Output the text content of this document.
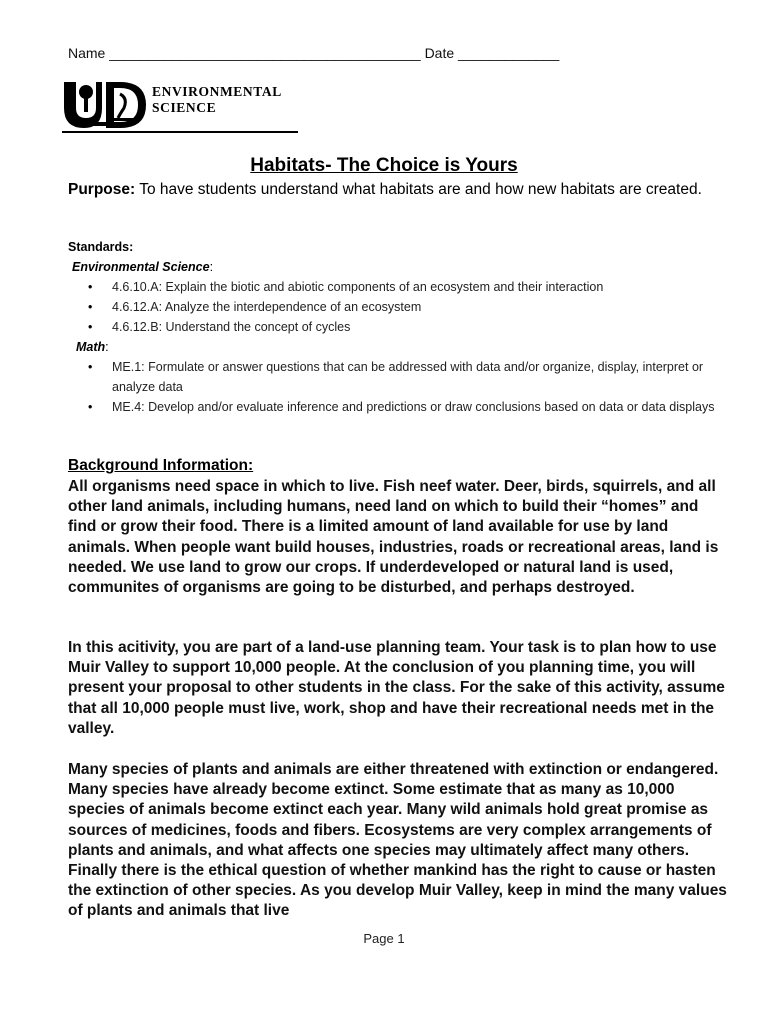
Name ________________________________________ Date _____________
ENVIRONMENTAL
SCIENCE
Habitats- The Choice is Yours
Purpose: To have students understand what habitats are and how new habitats are created.
Standards:
Environmental Science:
• 4.6.10.A: Explain the biotic and abiotic components of an ecosystem and their interaction
• 4.6.12.A: Analyze the interdependence of an ecosystem
• 4.6.12.B: Understand the concept of cycles
Math:
• ME.1: Formulate or answer questions that can be addressed with data and/or organize, display, interpret or analyze data
• ME.4: Develop and/or evaluate inference and predictions or draw conclusions based on data or data displays
Background Information:

All organisms need space in which to live. Fish neef water. Deer, birds, squirrels, and all other land animals, including humans, need land on which to build their “homes” and find or grow their food. There is a limited amount of land available for use by land animals. When people want build houses, industries, roads or recreational areas, land is needed. We use land to grow our crops. If underdeveloped or natural land is used, communites of organisms are going to be disturbed, and perhaps destroyed.

In this acitivity, you are part of a land-use planning team. Your task is to plan how to use Muir Valley to support 10,000 people. At the conclusion of you planning time, you will present your proposal to other students in the class. For the sake of this activity, assume that all 10,000 people must live, work, shop and have their recreational needs met in the valley.

Many species of plants and animals are either threatened with extinction or endangered. Many species have already become extinct. Some estimate that as many as 10,000 species of animals become extinct each year. Many wild animals hold great promise as sources of medicines, foods and fibers. Ecosystems are very complex arrangements of plants and animals, and what affects one species may ultimately affect many others. Finally there is the ethical question of whether mankind has the right to cause or hasten the extinction of other species. As you develop Muir Valley, keep in mind the many values of plants and animals that live

Page 1
